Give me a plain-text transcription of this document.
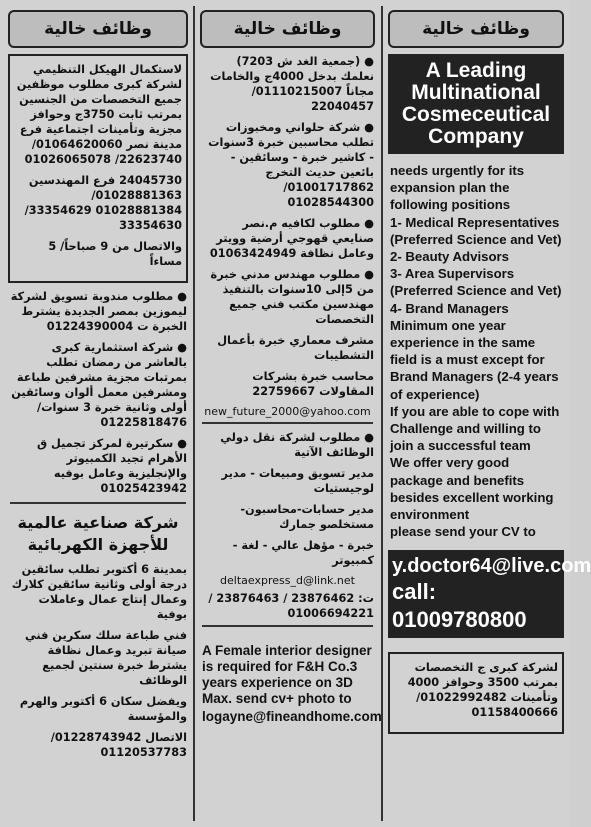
وظائف خالية

لاستكمال الهيكل التنظيمي لشركة كبرى مطلوب موظفين جميع التخصصات من الجنسين بمرتب ثابت 3750ج وحوافز مجزية وتأمينات اجتماعية فرع مدينة نصر 01064620060/ 22623740/ 01026065078

24045730 فرع المهندسين 01028881363/ 01028881384 33354629/ 33354630

والاتصال من 9 صباحاً/ 5 مساءاً

● مطلوب مندوبة تسويق لشركة ليموزين بمصر الجديدة يشترط الخبرة ت 01224390004

● شركة استثمارية كبرى بالعاشر من رمضان تطلب بمرتبات مجزية مشرفين طباعة ومشرفين معمل ألوان وسائقين أولى وثانية خبرة 3 سنوات/ 01225818476

● سكرتيرة لمركز تجميل ق الأهرام تجيد الكمبيوتر والإنجليزية وعامل بوفيه 01025423942

شركة صناعية عالمية للأجهزة الكهربائية

بمدينة 6 أكتوبر تطلب سائقين درجة أولى وثانية سائقين كلارك وعمال إنتاج عمال وعاملات بوفية

فني طباعة سلك سكرين فني صيانة تبريد وعمال نظافة يشترط خبرة سنتين لجميع الوظائف

ويفضل سكان 6 أكتوبر والهرم والمؤسسة

الاتصال 01228743942/ 01120537783

وظائف خالية

● (جمعية الغد ش 7203) نعلمك بدخل 4000ج والخامات مجاناً 01110215007/ 22040457

● شركة حلواني ومخبوزات تطلب محاسبين خبرة 3سنوات - كاشير خبرة - وسائقين - بائعين حديث التخرج 01001717862/ 01028544300

● مطلوب لكافيه م.نصر صنايعي قهوجي أرضية وويتر وعامل نظافة 01063424949

● مطلوب مهندس مدني خبرة من 5إلى 10سنوات بالتنفيذ مهندسين مكتب فني جميع التخصصات

مشرف معماري خبرة بأعمال التشطيبات

محاسب خبرة بشركات المقاولات 22759667

new_future_2000@yahoo.com

● مطلوب لشركة نقل دولي الوظائف الآتية

مدير تسويق ومبيعات - مدير لوجيستيات

مدير حسابات-محاسبون-مستخلصو جمارك

خبرة - مؤهل عالي - لغة - كمبيوتر

deltaexpress_d@link.net
ت: 23876462 / 23876463 / 01006694221
A Female interior designer is required for F&H Co.3 years experience on 3D Max. send cv+ photo to
logayne@fineandhome.com
وظائف خالية
A Leading Multinational Cosmeceutical Company

needs urgently for its expansion plan the following positions

1- Medical Representatives (Preferred Science and Vet)

2- Beauty Advisors

3- Area Supervisors (Preferred Science and Vet)

4- Brand Managers

Minimum one year experience in the same field is a must except for Brand Managers (2-4 years of experience)

If you are able to cope with Challenge and willing to join a successful team

We offer very good package and benefits besides excellent working environment

please send your CV to

y.doctor64@live.com
call: 01009780800

لشركة كبرى ج التخصصات بمرتب 3500 وحوافز 4000 وتأمينات 01022992482/ 01158400666
